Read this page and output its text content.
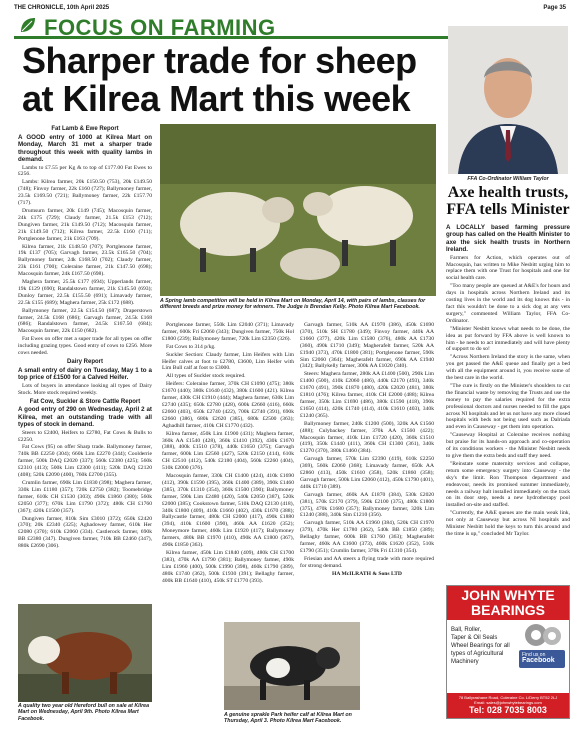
THE CHRONICLE, 10th April 2025	Page 35
FOCUS ON FARMING
Sharper trade for sheep at Kilrea Mart this week
Fat Lamb & Ewe Report

A GOOD entry of 1000 at Kilrea Mart on Monday, March 31 met a sharper trade throughout this week with quality lambs in demand.

Lambs to £7.55 per Kg & to top of £177.00 Fat Ewes to £256.

Lambs: Kilrea farmer, 20k £150.50 (753), 20k £149.50 (748); Finvoy farmer, 22k £160 (727); Ballymoney farmer, 23.5k £169.50 (721); Ballymoney farmer, 22k £157.70 (717).

Drumsurn farmer, 20k £149 (745); Macosquin farmer, 24k £175 (729); Claudy farmer, 21.5k £153 (712); Dungiven farmer, 21k £149.50 (712); Macosquin farmer, 21k £149.50 (712); Kilrea farmer, 22.5k £160 (711); Portglenone farmer, 21k £163 (709).

Kilrea farmer, 21k £148.50 (707); Portglenone farmer, 19k £137 (705); Garvagh farmer, 23.5k £165.50 (704); Ballymoney farmer, 24k £168.50 (702); Claudy farmer, 23k £161 (700); Coleraine farmer, 21k £147.50 (698); Macosquin farmer, 24k £167.50 (698).

Maghera farmer, 25.5k £177 (694); Upperlands farmer, 19k £129 (690); Randalstown farmer, 21k £145.50 (693); Dunloy farmer, 22.5k £155.50 (691); Limavady farmer, 22.5k £155 (689); Maghera farmer, 25k £172 (688).

Ballymoney farmer, 22.5k £154.50 (687); Draperstown farmer, 24.5k £168 (686); Garvagh farmer, 24.5k £168 (686); Randalstown farmer, 24.5k £167.50 (684); Macosquin farmer, 22k £150 (682).

Fat Ewes on offer met a super trade for all types on offer including grazing types. Good entry of cows to £256. More cows needed.

Dairy Report

A small entry of dairy on Tuesday, May 1 to a top price of £1500 for a Calved Heifer.

Lots of buyers in attendance looking all types of Dairy Stock. More stock required weekly.

Fat Cow, Suckler & Store Cattle Report

A good entry of 290 on Wednesday, April 2 at Kilrea, met an outstanding trade with all types of stock in demand.

Steers to £2400, Heifers to £2780, Fat Cows & Bulls to £2250.

Fat Cows (95) on offer Sharp trade. Ballymoney farmer, 740k BB £2250 (304); 660k Lim £2270 (344); Coolderrie farmer, 500k DAQ £2020 (337); 560k £2380 (425); 560k £2310 (413); 500k Lim £2300 (411); 520k DAQ £2120 (408); 520k £2090 (400), 760k £2700 (355).

Crumlin farmer, 690k Lim £1830 (398); Maghera farmer, 330k Lim £1180 (357); 720k £2750 (382); Toomebridge farmer, 610k CH £1530 (303); 490k £1860 (380); 560k £2050 (377); 670k Lim £1790 (372); 480k CH £1760 (367); 420k £1500 (357).

Dungiven farmer, 810k Sim £3010 (372); 650k £2420 (370); 20k £2340 (325); Aghadowey farmer, 610k Her £2080 (370); 610k £2060 (334). Castlerock farmer, 690k BB £2380 (347). Dungiven farmer, 710k BB £2460 (347), 880k £2690 (306).

A Spring lamb competition will be held in Kilrea Mart on Monday, April 14, with pairs of lambs, classes for different breeds and prize money for winners. The Judge is Brendan Kelly. Photo Kilrea Mart Facebook.

Portglenone farmer, 550k Lim £2040 (371); Limavady farmer, 600k Fri £2060 (343); Dungiven farmer, 750k Hol £1800 (239); Ballymoney farmer, 720k Lim £2350 (326).

Fat Cows to 314 p/kg.

Suckler Section: Claudy farmer, Lim Heifers with Lim Heifer calves at foot to £2780, £3600, Lim Heifer with Lim Bull calf at foot to £3000.

All types of Suckler stock required.

Heifers: Coleraine farmer, 370k CH £1090 (475); 380k £1670 (440); 380k £1640 (432), 380k £1600 (421). Kilrea farmer, 430k CH £1910 (444); Maghera farmer, 630k Lim £2740 (435); 650k £2780 (428), 600k £2660 (416), 660k £2660 (403), 650k £2740 (422), 700k £2740 (391), 690k £2660 (386), 680k £2620 (385), 680k £2500 (363); Aghadhill farmer, 410k CH £1770 (432).

Kilrea farmer, 450k Lim £1900 (431); Maghera farmer, 360k AA £1540 (428), 360k £1410 (392), 430k £1670 (388), 400k £1510 (378), 440k £1650 (375); Garvagh farmer, 600k Lim £2560 (427), 520k £2150 (414), 610k CH £2510 (412), 540k £2180 (404), 560k £2260 (404), 510k £2000 (376).

Macosquin farmer, 330k CH £1400 (424), 410k £1690 (412), 390k £1590 (395), 360k £1400 (389), 390k £1460 (385), 370k £1310 (354), 360k £1500 (390); Ballymoney farmer, 590k Lim £2480 (420), 540k £2050 (387), 520k £2000 (385); Cookstown farmer, 510k DAQ £2130 (418), 340k £1800 (409), 410k £1660 (402), 430k £1670 (388); Ballycastle farmer, 480k CH £2000 (417), 490k £1880 (394), 410k £1600 (390), 460k AA £1620 (352); Moneymore farmer, 460k Lim £1920 (417); Ballymoney farmers, 480k BB £1970 (410), 490k AA £1800 (367), 490k £1850 (363).

Kilrea farmer, 450k Lim £1840 (409), 480k CH £1700 (383), 470k AA £1790 (381); Ballymoney farmer, 490k Lim £1960 (400), 500k £1990 (398), 460k £1790 (389), 480k £1740 (362), 500k £1930 (391); Bellaghy farmer, 400k BB £1640 (410), 450k ST £1770 (393).

Garvagh farmer, 510k AA £1970 (386), 450k £1690 (370), 510k SH £1780 (349); Finvoy farmer, 440k AA £1660 (377), 420k Lim £1580 (376), 480k AA £1730 (360), 490k £1710 (349); Magherafelt farmer, 520k AA £1940 (373), 470k £1800 (381); Portglenone farmer, 590k Sim £2060 (364); Magherafelt farmer, 690k AA £1940 (342); Ballykelly farmer, 300k AA £1020 (340).

Steers: Maghera farmer, 280k AA £1400 (500), 290k Lim £1400 (500), 410k £2060 (486), 440k £2170 (493), 340k £1670 (491), 390k £1870 (480), 420k £2020 (481), 380k £1810 (476); Kilrea farmer, 410k CH £2000 (488); Kilrea farmer, 350k Lim £1690 (486), 380k £1590 (418), 390k £1650 (414), 420k £1740 (414), 410k £1610 (403), 340k £1240 (365).

Ballymoney farmer, 240k £1200 (500), 320k AA £1560 (488); Culybackey farmer, 370k AA £1560 (422); Macosquin farmer, 410k Lim £1720 (420), 360k £1510 (419), 350k £1440 (411), 360k CH £1300 (361), 340k £1270 (370), 380k £1460 (384).

Garvagh farmer, 570k Lim £2390 (419), 610k £2250 (369), 560k £2060 (368); Limavady farmer, 650k AA £2860 (413), 450k £1610 (358), 520k £1860 (358); Garvagh farmer, 500k Lim £2060 (412), 450k £1790 (401), 440k £1710 (389).

Garvagh farmer, 460k AA £1870 (384), 530k £2020 (381), 570k £2170 (379), 590k £2100 (375), 480k £1800 (375), 470k £1680 (357); Ballymoney farmer, 320k Lim £1240 (388), 340k Sim £1210 (356).

Garvagh farmer, 510k AA £1960 (384), 520k CH £1970 (379), 470k Her £1780 (362), 540k BB £1850 (389); Bellaghy farmer, 600k BB £1760 (363); Magherafelt farmer, 460k AA £1600 (373), 460k £1620 (352), 510k £1790 (351); Crumlin farmer, 370k Fri £1310 (354).

Friesian and AA steers a flying trade with more required for strong demand.

HA McILRATH & Sons LTD

FFA Co-Ordinator William Taylor
Axe health trusts, FFA tells Minister

A LOCALLY based farming pressure group has called on the Health Minister to axe the sick health trusts in Northern Ireland.

Farmers for Action, which operates out of Macosquin, has written to Mike Nesbitt urging him to replace them with one Trust for hospitals and one for social health care.

"Too many people are queued at A&E's for hours and days in hospitals across Northern Ireland and its costing lives in the world and its dog knows this - in fact this wouldn't be done to a sick dog at any vets surgery," commented William Taylor, FFA Co-Ordinator.

"Minister Nesbitt knows what needs to be done, the idea as put forward by FFA above is well known to him - he needs to act immediately and will have plenty of support to do so!

"Across Northern Ireland the story is the same, when you get passed the A&E queue and finally get a bed with all the equipment around it, you receive some of the best care in the world.

"The cure is firstly on the Minister's shoulders to cut the financial waste by removing the Trusts and use the money to pay the salaries required for the extra professional doctors and nurses needed to fill the gaps across NI hospitals and let us not have any more closed hospitals with beds not being used such as Dalriada and even in Causeway - get them into operation.

"Causeway Hospital at Coleraine receives nothing but praise for its hands-on approach and co-operation of its conditions workers - the Minister Nesbitt needs to give them the extra beds and staff they need.

"Reinstate some maternity services and collapse, return some emergency surgery into Causeway - the sky's the limit. Ron Thompson department and endeavour, needs its promised summer immediately, needs a railway halt installed immediately on the track on its door step, needs a new hydrotherapy pool installed on-site and staffed.

"Currently, the A&E queues are the main weak link, not only at Causeway but across NI hospitals and Minister Nesbitt hold the keys to turn this around and the time is up," concluded Mr Taylor.

A quality two year old Hereford bull on sale at Kilrea Mart on Wednesday, April 9th. Photo Kilrea Mart Facebook.
A genuine sprakle Park heifer calf at Kilrea Mart on Thursday, April 3. Photo Kilrea Mart Facebook.
JOHN WHYTE
BEARINGS
Ball, Roller,
Taper & Oil Seals
Wheel Bearings for all
types of Agricultural
Machinery
Find us on
Facebook
78 Ballyrashane Road, Coleraine Co. L/Derry BT52 2LJ
Email: sales@johnwhytebearings.com
Tel: 028 7035 8003
